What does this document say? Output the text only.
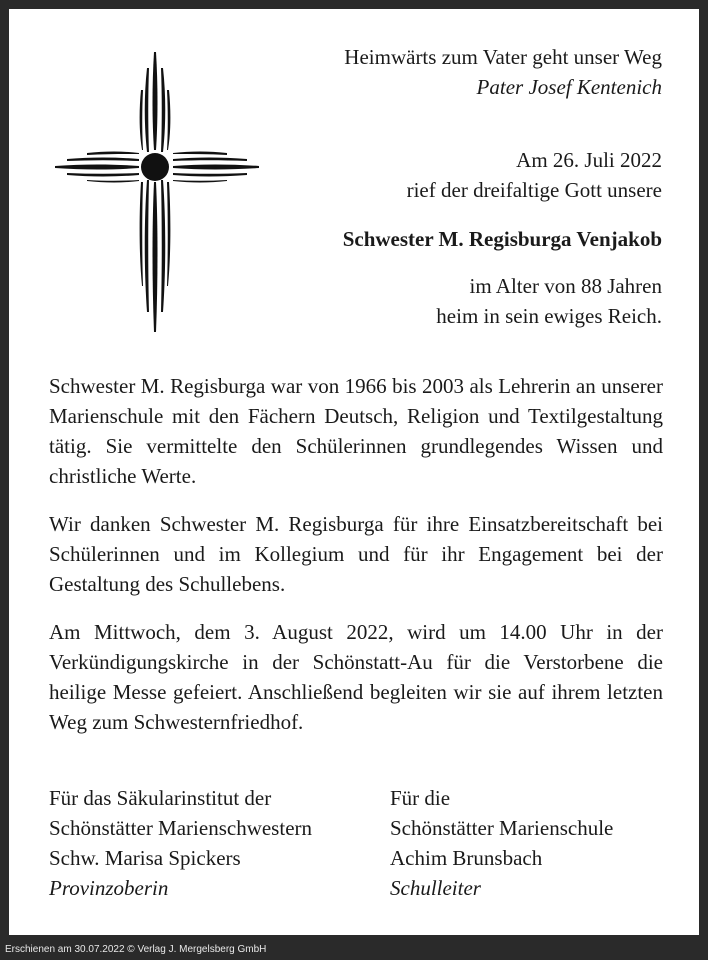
Heimwärts zum Vater geht unser Weg
Pater Josef Kentenich
Am 26. Juli 2022
rief der dreifaltige Gott unsere
Schwester M. Regisburga Venjakob
im Alter von 88 Jahren
heim in sein ewiges Reich.
Schwester M. Regisburga war von 1966 bis 2003 als Lehrerin an unserer Marienschule mit den Fächern Deutsch, Religion und Textilgestaltung tätig. Sie vermittelte den Schülerinnen grundlegendes Wissen und christliche Werte.
Wir danken Schwester M. Regisburga für ihre Einsatzbereitschaft bei Schülerinnen und im Kollegium und für ihr Engagement bei der Gestaltung des Schullebens.
Am Mittwoch, dem 3. August 2022, wird um 14.00 Uhr in der Verkündigungskirche in der Schönstatt-Au für die Verstorbene die heilige Messe gefeiert. Anschließend begleiten wir sie auf ihrem letzten Weg zum Schwesternfriedhof.
Für das Säkularinstitut der
Schönstätter Marienschwestern
Schw. Marisa Spickers
Provinzoberin
Für die
Schönstätter Marienschule
Achim Brunsbach
Schulleiter
Erschienen am 30.07.2022 © Verlag J. Mergelsberg GmbH
